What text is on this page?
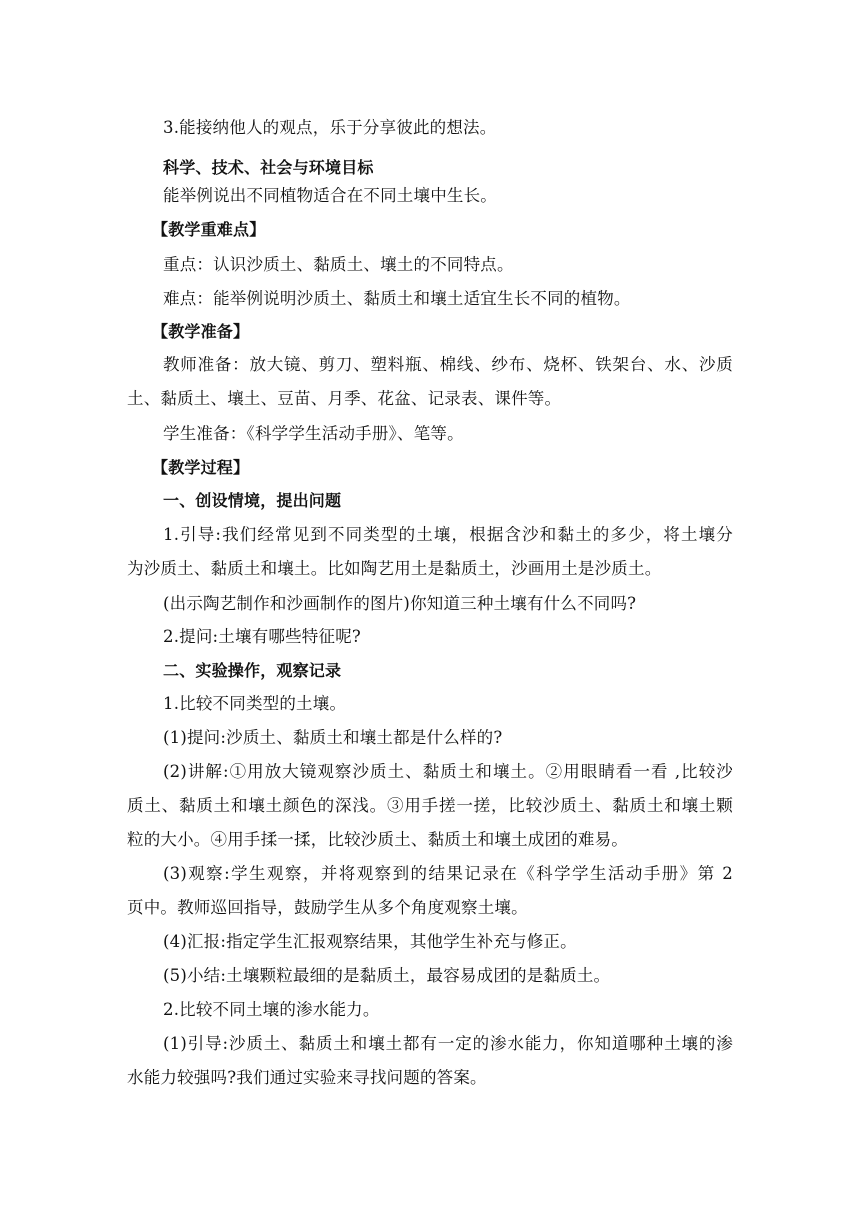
3.能接纳他人的观点，乐于分享彼此的想法。
科学、技术、社会与环境目标
能举例说出不同植物适合在不同土壤中生长。
【教学重难点】
重点：认识沙质土、黏质土、壤土的不同特点。
难点：能举例说明沙质土、黏质土和壤土适宜生长不同的植物。
【教学准备】
教师准备：放大镜、剪刀、塑料瓶、棉线、纱布、烧杯、铁架台、水、沙质
土、黏质土、壤土、豆苗、月季、花盆、记录表、课件等。
学生准备：《科学学生活动手册》、笔等。
【教学过程】
一、创设情境，提出问题
1.引导:我们经常见到不同类型的土壤，根据含沙和黏土的多少，将土壤分
为沙质土、黏质土和壤土。比如陶艺用土是黏质土，沙画用土是沙质土。
(出示陶艺制作和沙画制作的图片)你知道三种土壤有什么不同吗?
2.提问:土壤有哪些特征呢?
二、实验操作，观察记录
1.比较不同类型的土壤。
(1)提问:沙质土、黏质土和壤土都是什么样的?
(2)讲解:①用放大镜观察沙质土、黏质土和壤土。②用眼睛看一看 ,比较沙
质土、黏质土和壤土颜色的深浅。③用手搓一搓，比较沙质土、黏质土和壤土颗
粒的大小。④用手揉一揉，比较沙质土、黏质土和壤土成团的难易。
(3)观察:学生观察，并将观察到的结果记录在《科学学生活动手册》第 2
页中。教师巡回指导，鼓励学生从多个角度观察土壤。
(4)汇报:指定学生汇报观察结果，其他学生补充与修正。
(5)小结:土壤颗粒最细的是黏质土，最容易成团的是黏质土。
2.比较不同土壤的渗水能力。
(1)引导:沙质土、黏质土和壤土都有一定的渗水能力，你知道哪种土壤的渗
水能力较强吗?我们通过实验来寻找问题的答案。
